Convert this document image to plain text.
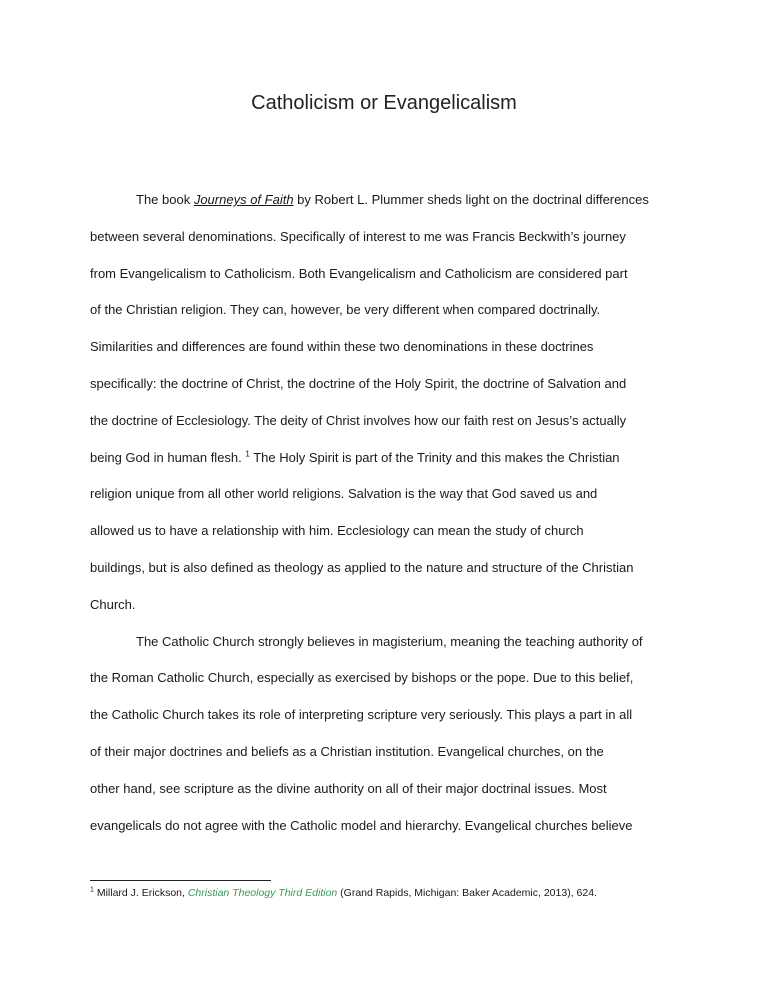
Catholicism or Evangelicalism
The book Journeys of Faith by Robert L. Plummer sheds light on the doctrinal differences
between several denominations. Specifically of interest to me was Francis Beckwith’s journey
from Evangelicalism to Catholicism. Both Evangelicalism and Catholicism are considered part
of the Christian religion. They can, however, be very different when compared doctrinally.
Similarities and differences are found within these two denominations in these doctrines
specifically: the doctrine of Christ, the doctrine of the Holy Spirit, the doctrine of Salvation and
the doctrine of Ecclesiology. The deity of Christ involves how our faith rest on Jesus’s actually
being God in human flesh. $^1$ The Holy Spirit is part of the Trinity and this makes the Christian
religion unique from all other world religions. Salvation is the way that God saved us and
allowed us to have a relationship with him. Ecclesiology can mean the study of church
buildings, but is also defined as theology as applied to the nature and structure of the Christian
Church.
The Catholic Church strongly believes in magisterium, meaning the teaching authority of
the Roman Catholic Church, especially as exercised by bishops or the pope. Due to this belief,
the Catholic Church takes its role of interpreting scripture very seriously. This plays a part in all
of their major doctrines and beliefs as a Christian institution. Evangelical churches, on the
other hand, see scripture as the divine authority on all of their major doctrinal issues. Most
evangelicals do not agree with the Catholic model and hierarchy. Evangelical churches believe
$^1$ Millard J. Erickson, Christian Theology Third Edition (Grand Rapids, Michigan: Baker Academic, 2013), 624.
